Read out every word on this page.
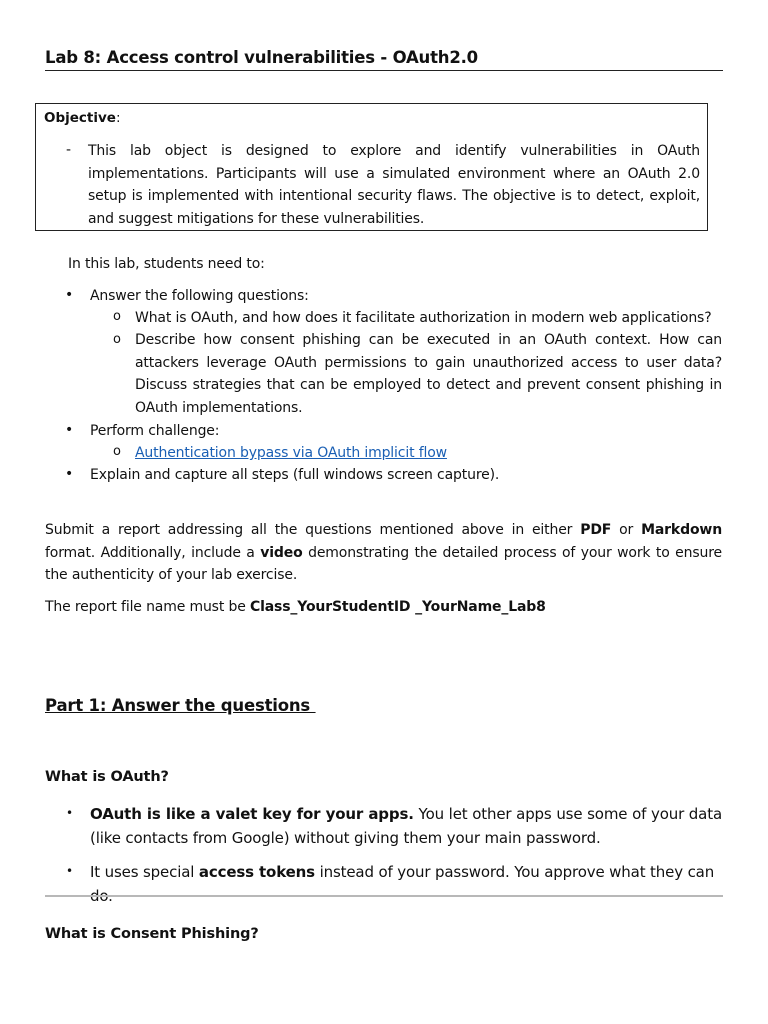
Lab 8: Access control vulnerabilities - OAuth2.0
Objective:
- This lab object is designed to explore and identify vulnerabilities in OAuth implementations. Participants will use a simulated environment where an OAuth 2.0 setup is implemented with intentional security flaws. The objective is to detect, exploit, and suggest mitigations for these vulnerabilities.
In this lab, students need to:
• Answer the following questions:
o What is OAuth, and how does it facilitate authorization in modern web applications?
o Describe how consent phishing can be executed in an OAuth context. How can attackers leverage OAuth permissions to gain unauthorized access to user data? Discuss strategies that can be employed to detect and prevent consent phishing in OAuth implementations.
• Perform challenge:
o Authentication bypass via OAuth implicit flow
• Explain and capture all steps (full windows screen capture).
Submit a report addressing all the questions mentioned above in either PDF or Markdown format. Additionally, include a video demonstrating the detailed process of your work to ensure the authenticity of your lab exercise.
The report file name must be Class_YourStudentID _YourName_Lab8
Part 1: Answer the questions
What is OAuth?
• OAuth is like a valet key for your apps. You let other apps use some of your data (like contacts from Google) without giving them your main password.
• It uses special access tokens instead of your password. You approve what they can do.
What is Consent Phishing?
